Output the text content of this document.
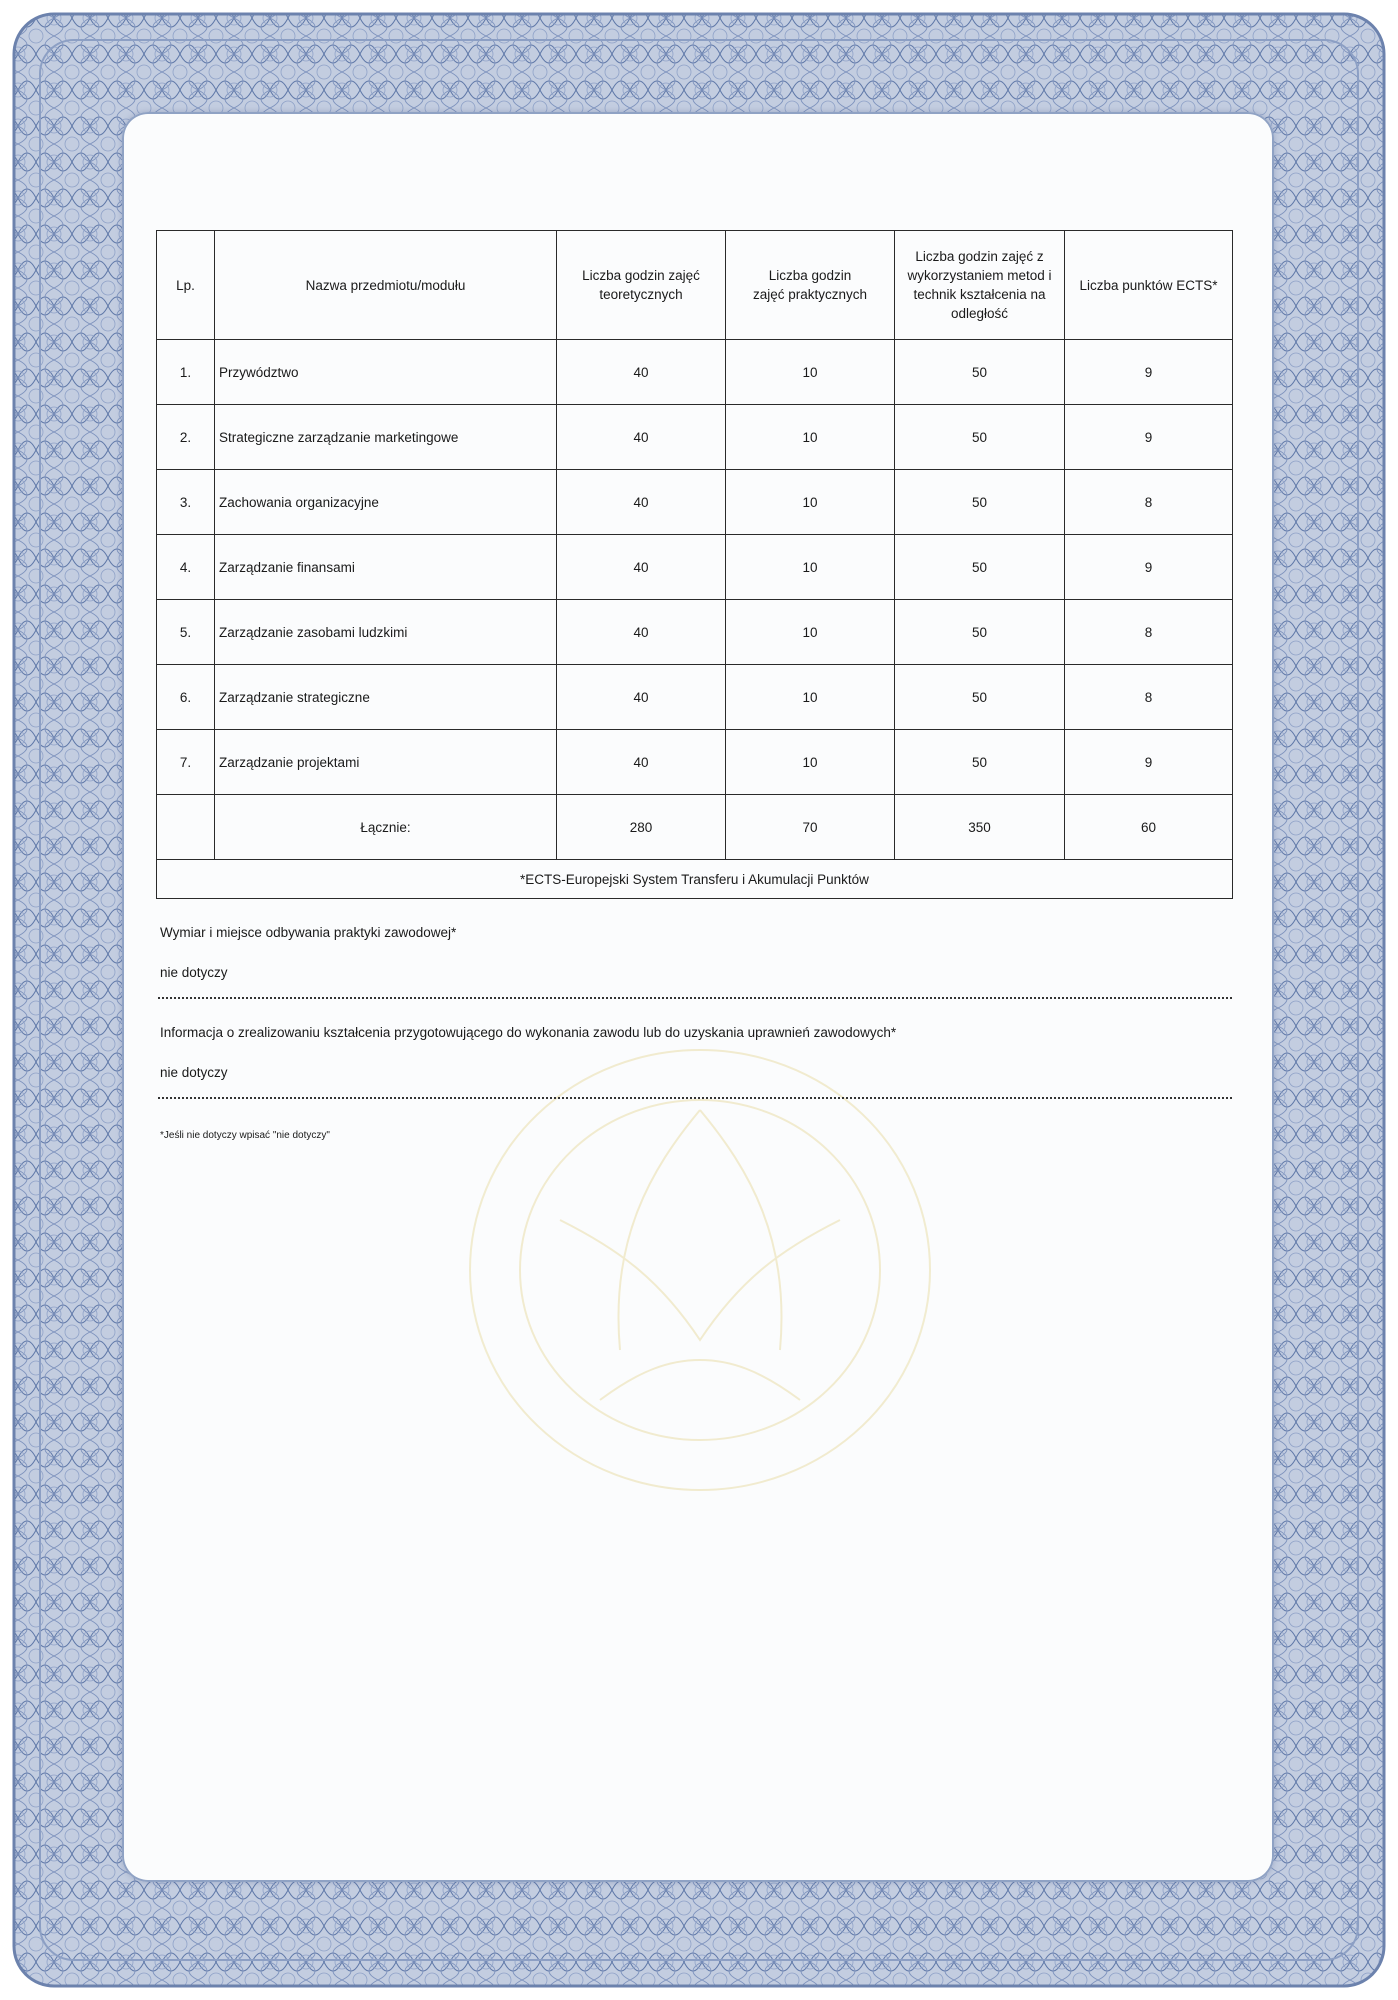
Lp.	Nazwa przedmiotu/modułu	Liczba godzin zajęć teoretycznych	Liczba godzin zajęć praktycznych	Liczba godzin zajęć z wykorzystaniem metod i technik kształcenia na odległość	Liczba punktów ECTS*
1.	Przywództwo	40	10	50	9
2.	Strategiczne zarządzanie marketingowe	40	10	50	9
3.	Zachowania organizacyjne	40	10	50	8
4.	Zarządzanie finansami	40	10	50	9
5.	Zarządzanie zasobami ludzkimi	40	10	50	8
6.	Zarządzanie strategiczne	40	10	50	8
7.	Zarządzanie projektami	40	10	50	9
	Łącznie:	280	70	350	60
*ECTS-Europejski System Transferu i Akumulacji Punktów					
Wymiar i miejsce odbywania praktyki zawodowej*
nie dotyczy
Informacja o zrealizowaniu kształcenia przygotowującego do wykonania zawodu lub do uzyskania uprawnień zawodowych*
nie dotyczy
*Jeśli nie dotyczy wpisać "nie dotyczy"
